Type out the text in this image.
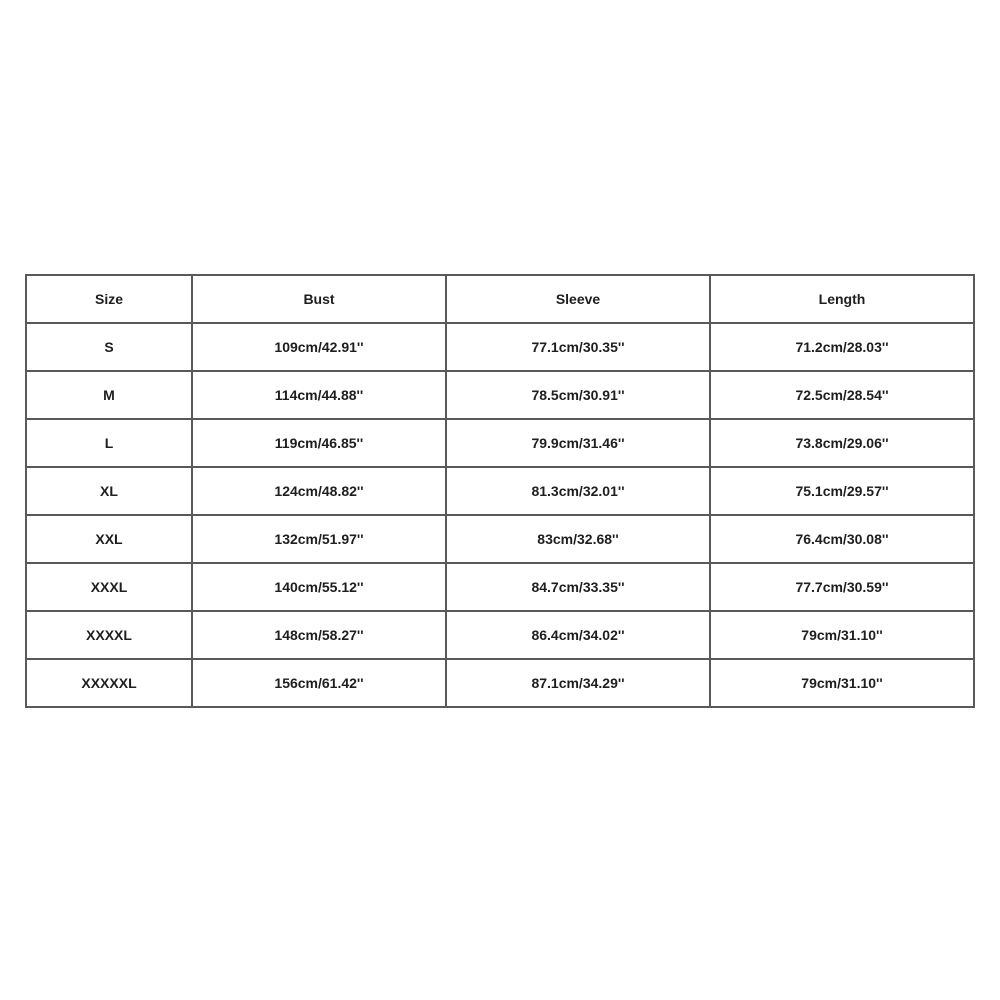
Size	Bust	Sleeve	Length
S	109cm/42.91''	77.1cm/30.35''	71.2cm/28.03''
M	114cm/44.88''	78.5cm/30.91''	72.5cm/28.54''
L	119cm/46.85''	79.9cm/31.46''	73.8cm/29.06''
XL	124cm/48.82''	81.3cm/32.01''	75.1cm/29.57''
XXL	132cm/51.97''	83cm/32.68''	76.4cm/30.08''
XXXL	140cm/55.12''	84.7cm/33.35''	77.7cm/30.59''
XXXXL	148cm/58.27''	86.4cm/34.02''	79cm/31.10''
XXXXXL	156cm/61.42''	87.1cm/34.29''	79cm/31.10''
